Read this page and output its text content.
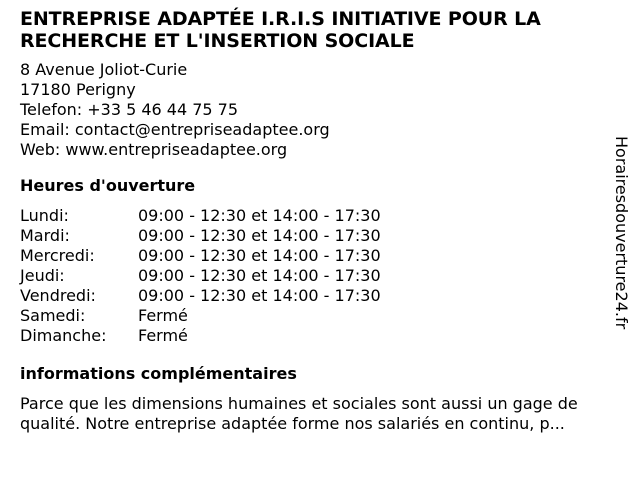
ENTREPRISE ADAPTÉE I.R.I.S INITIATIVE POUR LA RECHERCHE ET L'INSERTION SOCIALE
8 Avenue Joliot-Curie
17180 Perigny
Telefon: +33 5 46 44 75 75
Email: contact@entrepriseadaptee.org
Web: www.entrepriseadaptee.org
Heures d'ouverture
Lundi:	09:00 - 12:30 et 14:00 - 17:30
Mardi:	09:00 - 12:30 et 14:00 - 17:30
Mercredi:	09:00 - 12:30 et 14:00 - 17:30
Jeudi:	09:00 - 12:30 et 14:00 - 17:30
Vendredi:	09:00 - 12:30 et 14:00 - 17:30
Samedi:	Fermé
Dimanche:	Fermé
informations complémentaires
Parce que les dimensions humaines et sociales sont aussi un gage de qualité. Notre entreprise adaptée forme nos salariés en continu, p...
Horairesdouverture24.fr
